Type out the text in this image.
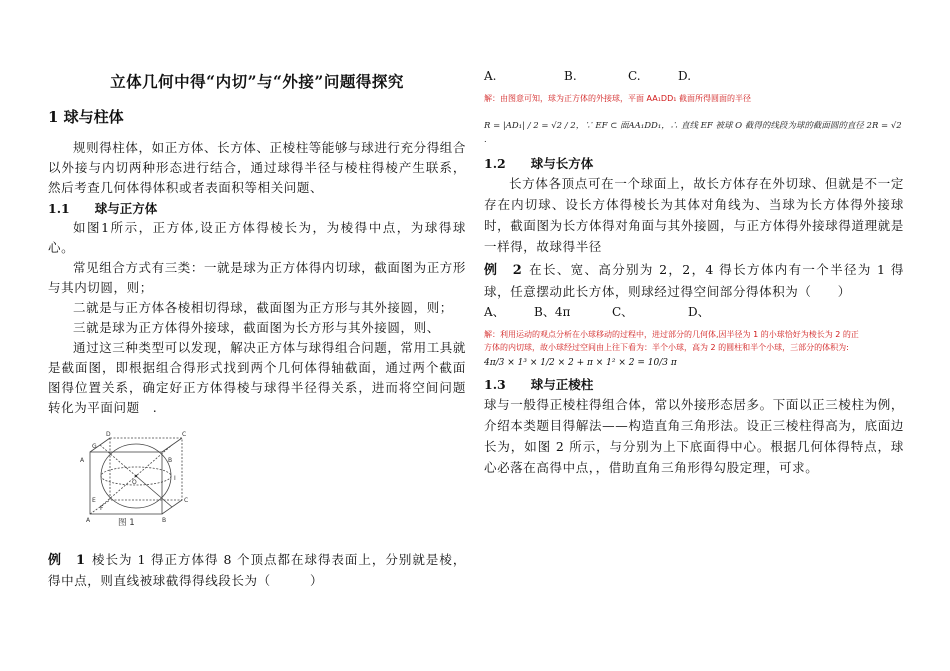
立体几何中得“内切”与“外接”问题得探究
1 球与柱体

规则得柱体，如正方体、长方体、正棱柱等能够与球进行充分得组合以外接与内切两种形态进行结合，通过球得半径与棱柱得棱产生联系，然后考查几何体得体积或者表面积等相关问题、

1.1　　球与正方体

如图1所示，正方体,设正方体得棱长为，为棱得中点，为球得球心。

常见组合方式有三类：一就是球为正方体得内切球，截面图为正方形与其内切圆，则；

二就是与正方体各棱相切得球，截面图为正方形与其外接圆，则；

三就是球为正方体得外接球，截面图为长方形与其外接圆，则、

通过这三种类型可以发现，解决正方体与球得组合问题，常用工具就是截面图，即根据组合得形式找到两个几何体得轴截面，通过两个截面图得位置关系，确定好正方体得棱与球得半径得关系，进而将空间问题转化为平面问题　.

G
D	C
A	B
I
O
E
F
C
A	B
图 1

例　1 棱长为 1 得正方体得 8 个顶点都在球得表面上，分别就是棱，得中点，则直线被球截得得线段长为（　　　）

A.	B.	C.	D.

解：由图意可知，球为正方体的外接球，平面 AA₁DD₁ 截面所得圆面的半径

R = |AD₁| / 2 = √2 / 2，∵ EF ⊂ 面AA₁DD₁，∴ 直线 EF 被球 O 截得的线段为球的截面圆的直径 2R = √2 .

1.2　　球与长方体

长方体各顶点可在一个球面上，故长方体存在外切球、但就是不一定存在内切球、设长方体得棱长为其体对角线为、当球为长方体得外接球时，截面图为长方体得对角面与其外接圆，与正方体得外接球得道理就是一样得，故球得半径

例　2 在长、宽、高分别为 2，2，4 得长方体内有一个半径为 1 得球，任意摆动此长方体，则球经过得空间部分得体积为（　　）

A、	B、4π	C、	D、

解：利用运动的观点分析在小球移动的过程中，进过部分的几何体,因半径为 1 的小球恰好为棱长为 2 的正

方体的内切球，故小球经过空间由上往下看为：半个小球，高为 2 的圆柱和半个小球，三部分的体积为:

4π/3 × 1³ × 1/2 × 2 + π × 1² × 2 = 10/3 π

1.3　　球与正棱柱

球与一般得正棱柱得组合体，常以外接形态居多。下面以正三棱柱为例，介绍本类题目得解法——构造直角三角形法。设正三棱柱得高为，底面边长为，如图 2 所示，与分别为上下底面得中心。根据几何体得特点，球心必落在高得中点，，借助直角三角形得勾股定理，可求。
